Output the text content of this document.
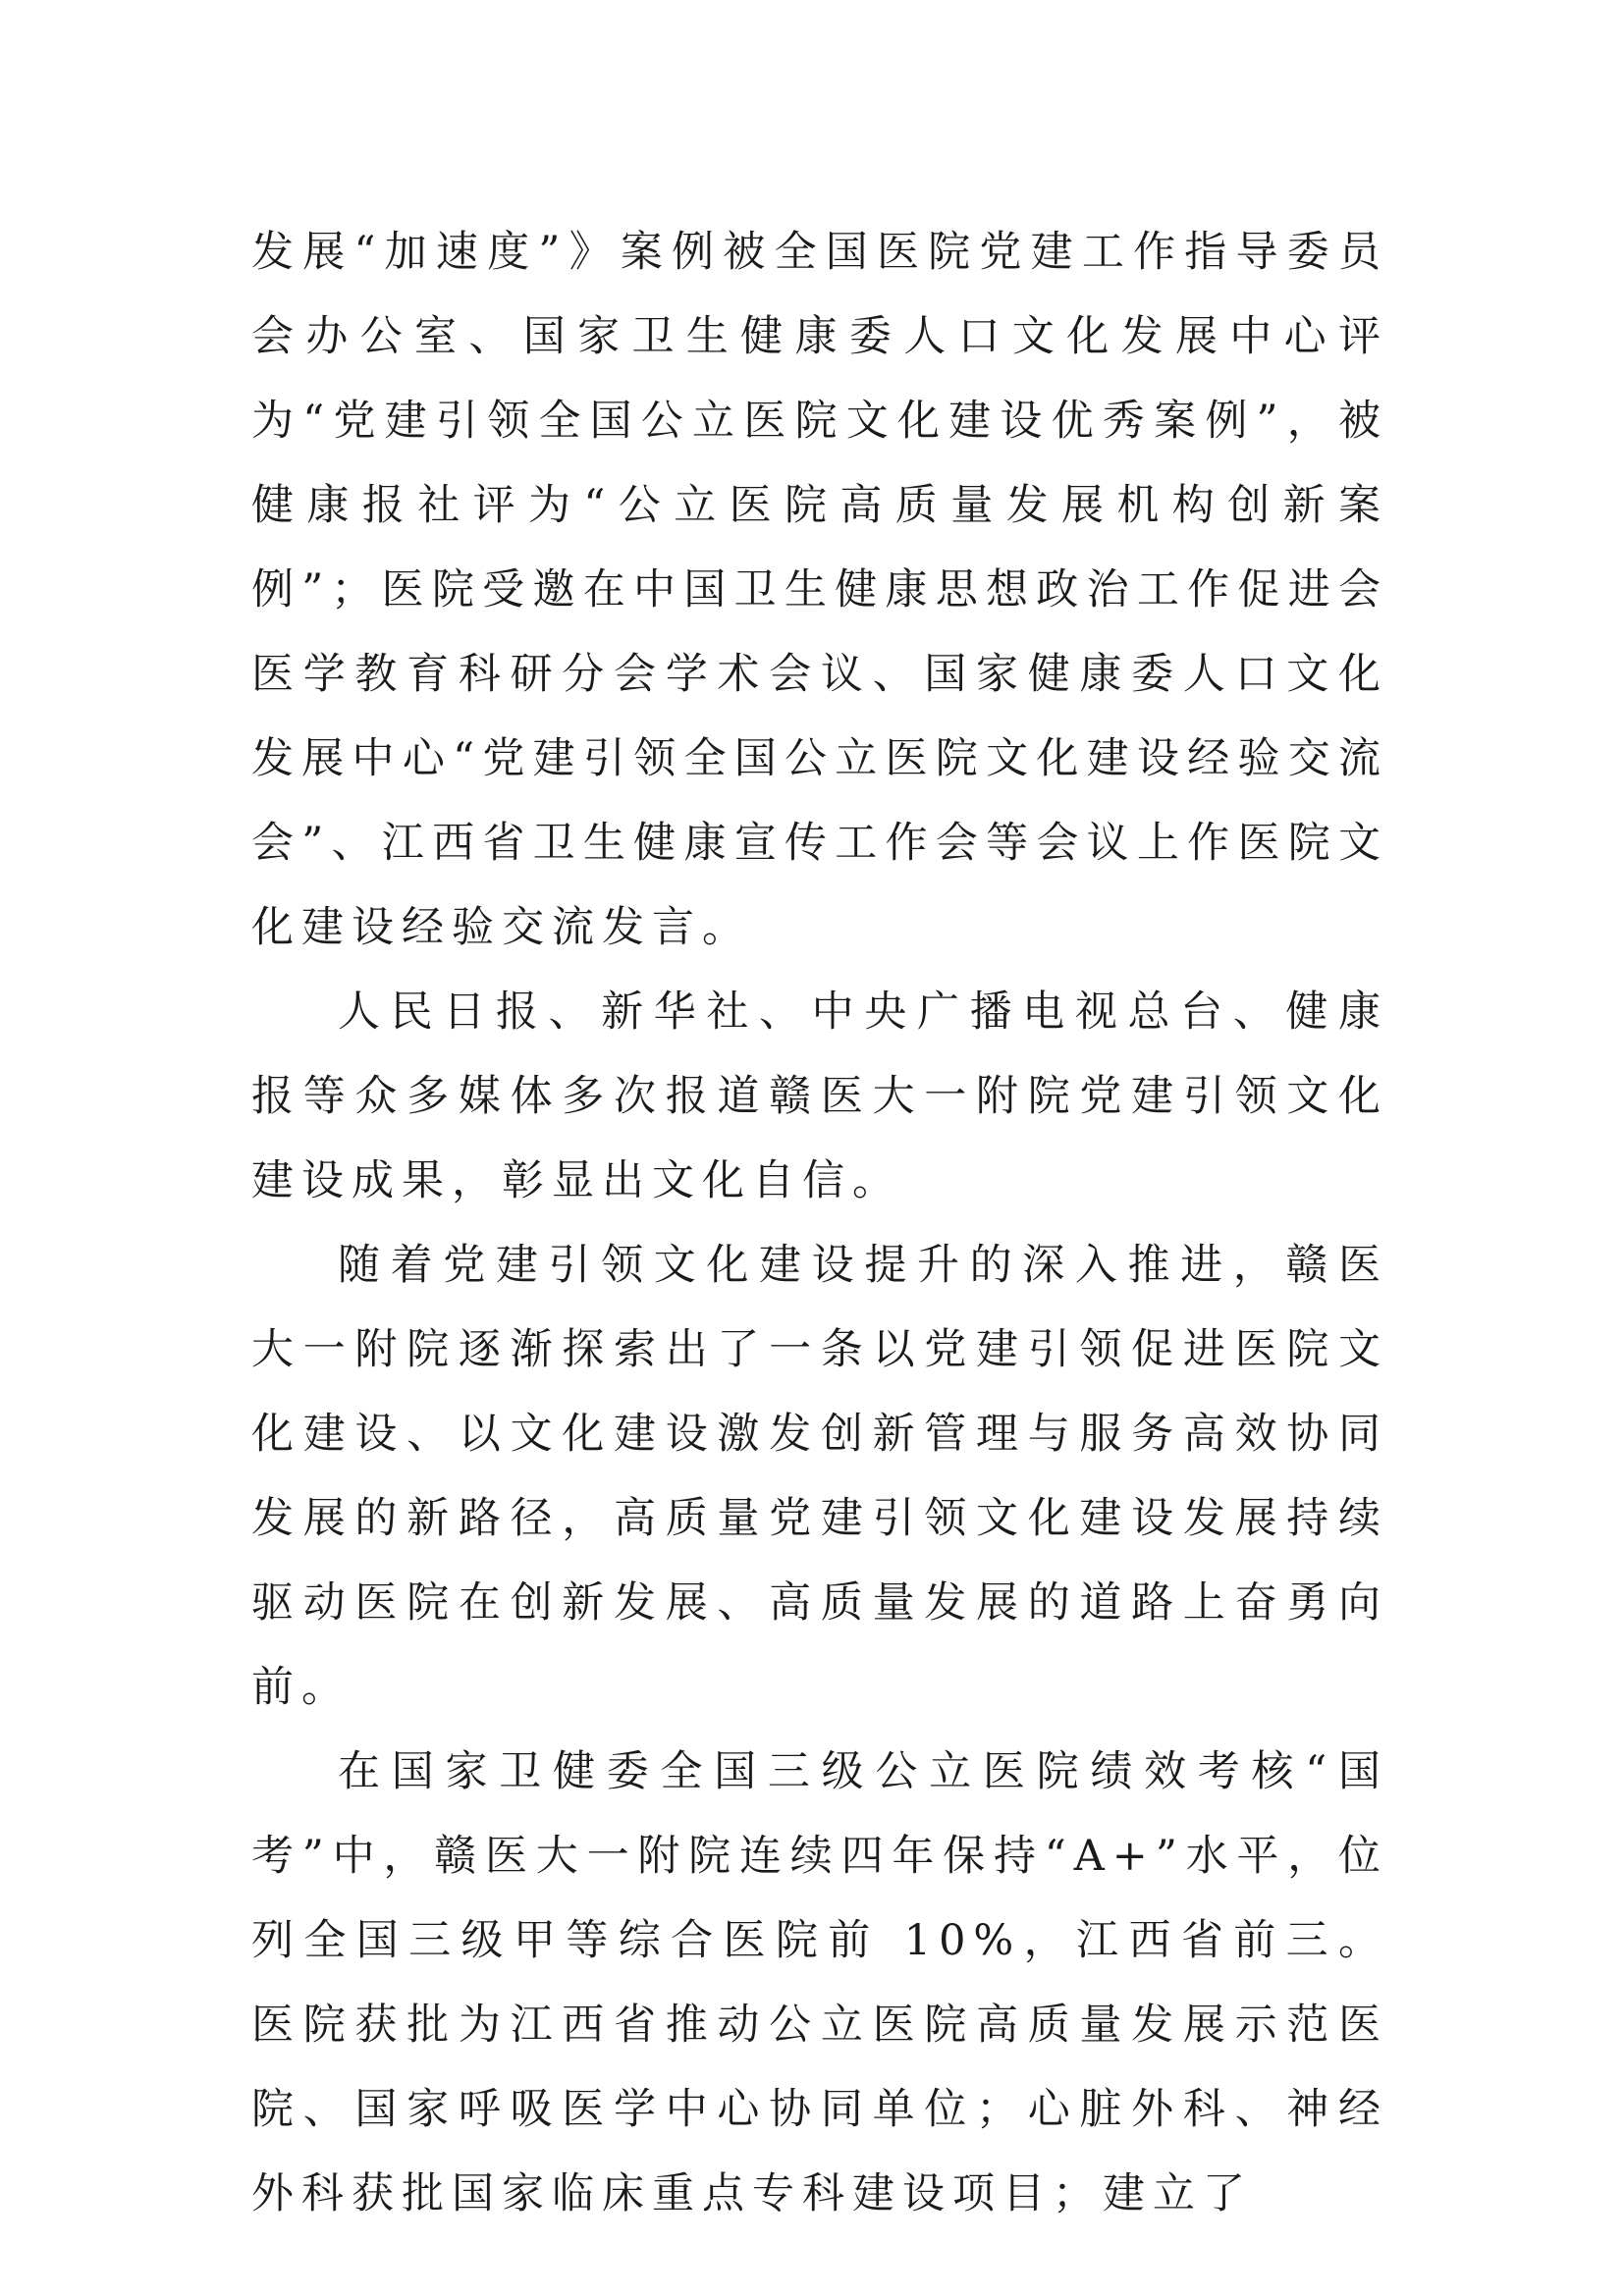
发展“加速度”》案例被全国医院党建工作指导委员会办公室、国家卫生健康委人口文化发展中心评为“党建引领全国公立医院文化建设优秀案例”，被健康报社评为“公立医院高质量发展机构创新案例”；医院受邀在中国卫生健康思想政治工作促进会医学教育科研分会学术会议、国家健康委人口文化发展中心“党建引领全国公立医院文化建设经验交流会”、江西省卫生健康宣传工作会等会议上作医院文化建设经验交流发言。

人民日报、新华社、中央广播电视总台、健康报等众多媒体多次报道赣医大一附院党建引领文化建设成果，彰显出文化自信。

随着党建引领文化建设提升的深入推进，赣医大一附院逐渐探索出了一条以党建引领促进医院文化建设、以文化建设激发创新管理与服务高效协同发展的新路径，高质量党建引领文化建设发展持续驱动医院在创新发展、高质量发展的道路上奋勇向前。

在国家卫健委全国三级公立医院绩效考核“国考”中，赣医大一附院连续四年保持“A+”水平，位列全国三级甲等综合医院前 10%，江西省前三。医院获批为江西省推动公立医院高质量发展示范医院、国家呼吸医学中心协同单位；心脏外科、神经外科获批国家临床重点专科建设项目；建立了
